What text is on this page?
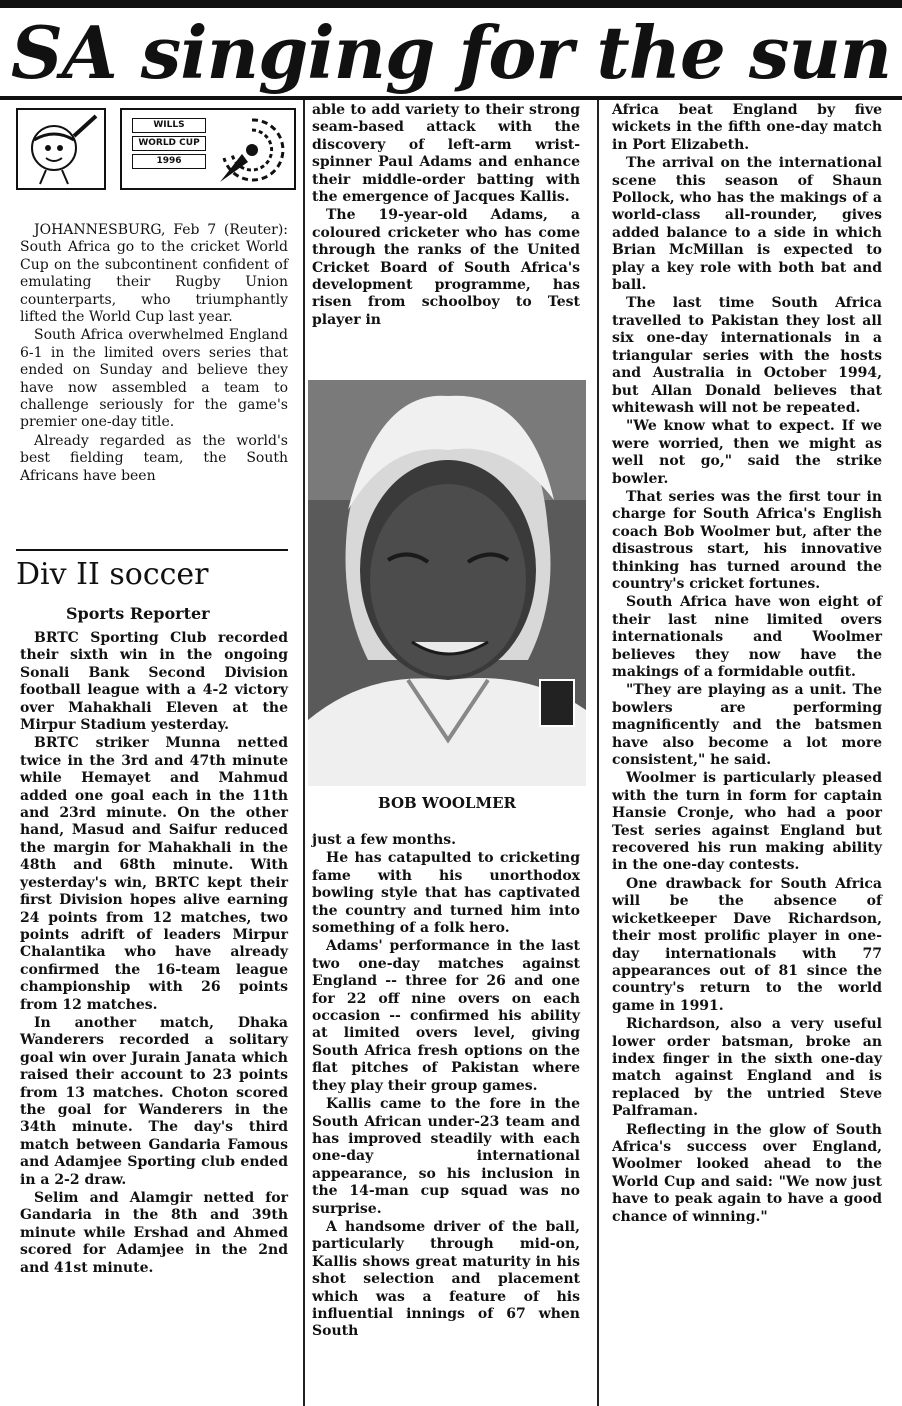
SA singing for the sun
WILLS
WORLD CUP
1996

JOHANNESBURG, Feb 7 (Reuter): South Africa go to the cricket World Cup on the subcontinent confident of emulating their Rugby Union counterparts, who triumphantly lifted the World Cup last year.

South Africa overwhelmed England 6-1 in the limited overs series that ended on Sunday and believe they have now assembled a team to challenge seriously for the game's premier one-day title.

Already regarded as the world's best fielding team, the South Africans have been

Div II soccer
Sports Reporter

BRTC Sporting Club recorded their sixth win in the ongoing Sonali Bank Second Division football league with a 4-2 victory over Mahakhali Eleven at the Mirpur Stadium yesterday.

BRTC striker Munna netted twice in the 3rd and 47th minute while Hemayet and Mahmud added one goal each in the 11th and 23rd minute. On the other hand, Masud and Saifur reduced the margin for Mahakhali in the 48th and 68th minute. With yesterday's win, BRTC kept their first Division hopes alive earning 24 points from 12 matches, two points adrift of leaders Mirpur Chalantika who have already confirmed the 16-team league championship with 26 points from 12 matches.

In another match, Dhaka Wanderers recorded a solitary goal win over Jurain Janata which raised their account to 23 points from 13 matches. Choton scored the goal for Wanderers in the 34th minute. The day's third match between Gandaria Famous and Adamjee Sporting club ended in a 2-2 draw.

Selim and Alamgir netted for Gandaria in the 8th and 39th minute while Ershad and Ahmed scored for Adamjee in the 2nd and 41st minute.

able to add variety to their strong seam-based attack with the discovery of left-arm wrist-spinner Paul Adams and enhance their middle-order batting with the emergence of Jacques Kallis.

The 19-year-old Adams, a coloured cricketer who has come through the ranks of the United Cricket Board of South Africa's development programme, has risen from schoolboy to Test player in

BOB WOOLMER

just a few months.

He has catapulted to cricketing fame with his unorthodox bowling style that has captivated the country and turned him into something of a folk hero.

Adams' performance in the last two one-day matches against England -- three for 26 and one for 22 off nine overs on each occasion -- confirmed his ability at limited overs level, giving South Africa fresh options on the flat pitches of Pakistan where they play their group games.

Kallis came to the fore in the South African under-23 team and has improved steadily with each one-day international appearance, so his inclusion in the 14-man cup squad was no surprise.

A handsome driver of the ball, particularly through mid-on, Kallis shows great maturity in his shot selection and placement which was a feature of his influential innings of 67 when South

Africa beat England by five wickets in the fifth one-day match in Port Elizabeth.

The arrival on the international scene this season of Shaun Pollock, who has the makings of a world-class all-rounder, gives added balance to a side in which Brian McMillan is expected to play a key role with both bat and ball.

The last time South Africa travelled to Pakistan they lost all six one-day internationals in a triangular series with the hosts and Australia in October 1994, but Allan Donald believes that whitewash will not be repeated.

"We know what to expect. If we were worried, then we might as well not go," said the strike bowler.

That series was the first tour in charge for South Africa's English coach Bob Woolmer but, after the disastrous start, his innovative thinking has turned around the country's cricket fortunes.

South Africa have won eight of their last nine limited overs internationals and Woolmer believes they now have the makings of a formidable outfit.

"They are playing as a unit. The bowlers are performing magnificently and the batsmen have also become a lot more consistent," he said.

Woolmer is particularly pleased with the turn in form for captain Hansie Cronje, who had a poor Test series against England but recovered his run making ability in the one-day contests.

One drawback for South Africa will be the absence of wicketkeeper Dave Richardson, their most prolific player in one-day internationals with 77 appearances out of 81 since the country's return to the world game in 1991.

Richardson, also a very useful lower order batsman, broke an index finger in the sixth one-day match against England and is replaced by the untried Steve Palframan.

Reflecting in the glow of South Africa's success over England, Woolmer looked ahead to the World Cup and said: "We now just have to peak again to have a good chance of winning."
